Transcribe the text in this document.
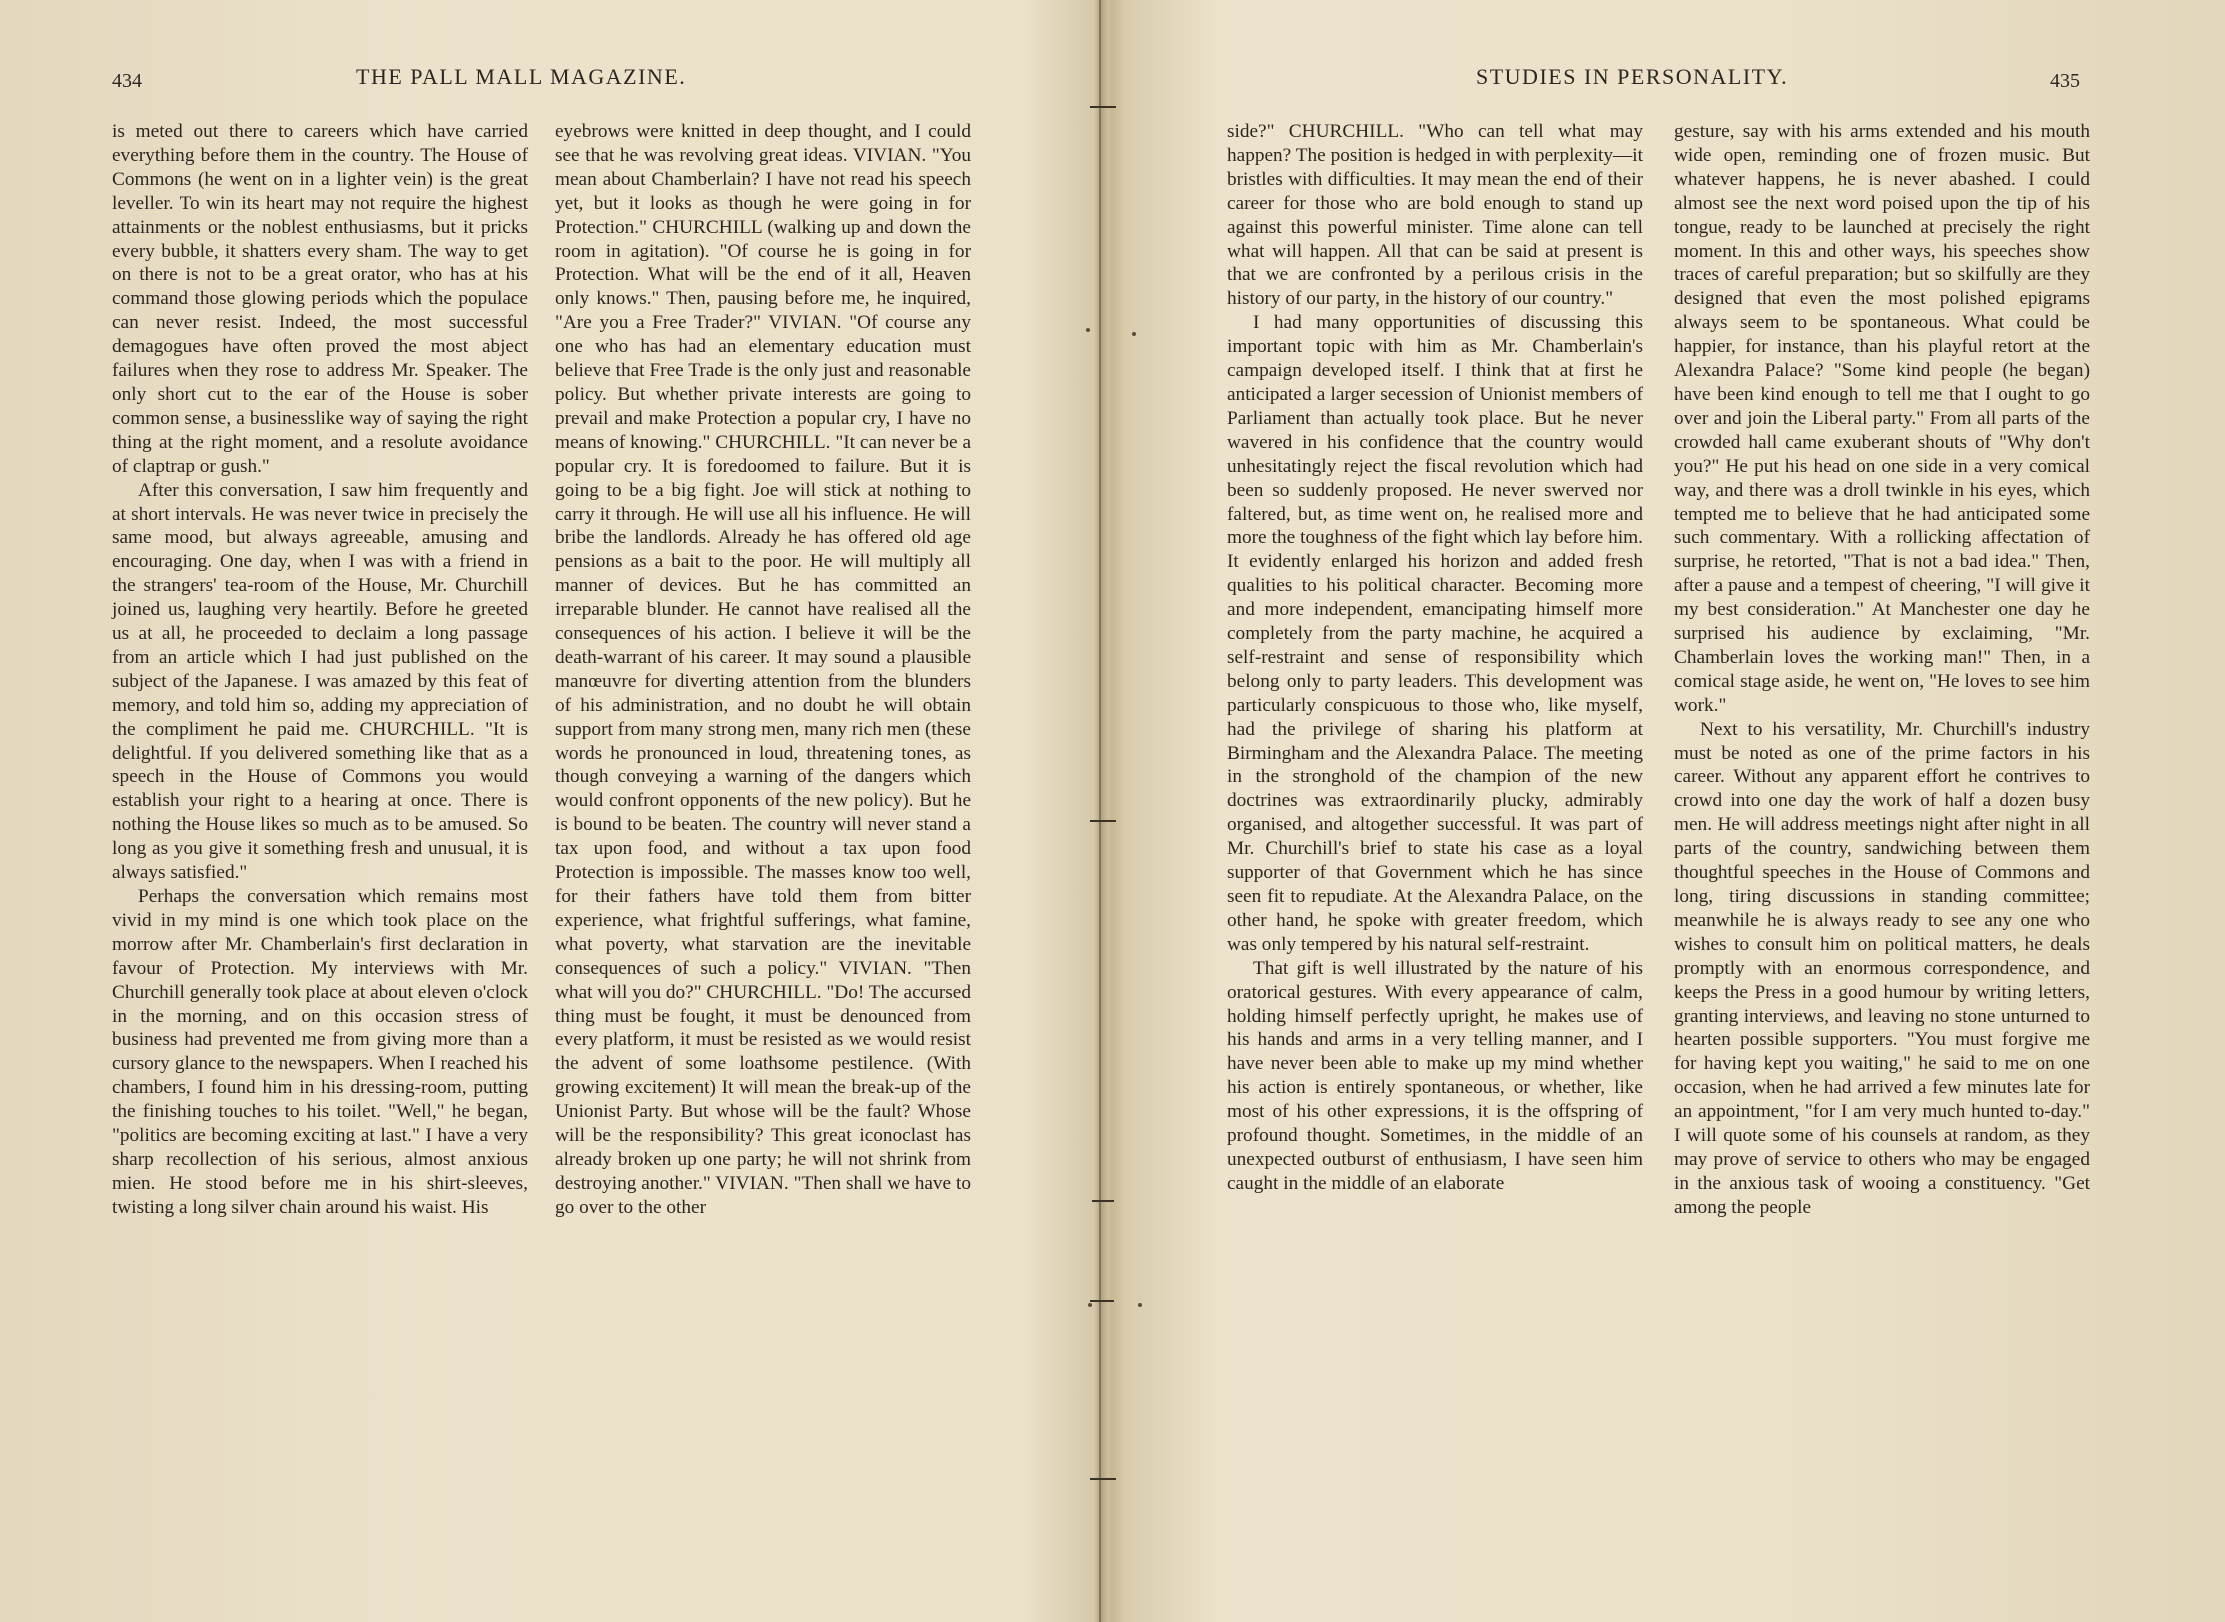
434	THE PALL MALL MAGAZINE.

is meted out there to careers which have carried everything before them in the country. The House of Commons (he went on in a lighter vein) is the great leveller. To win its heart may not require the highest attainments or the noblest enthusiasms, but it pricks every bubble, it shatters every sham. The way to get on there is not to be a great orator, who has at his command those glowing periods which the populace can never resist. Indeed, the most successful demagogues have often proved the most abject failures when they rose to address Mr. Speaker. The only short cut to the ear of the House is sober common sense, a businesslike way of saying the right thing at the right moment, and a resolute avoidance of claptrap or gush."

After this conversation, I saw him frequently and at short intervals. He was never twice in precisely the same mood, but always agreeable, amusing and encouraging. One day, when I was with a friend in the strangers' tea-room of the House, Mr. Churchill joined us, laughing very heartily. Before he greeted us at all, he proceeded to declaim a long passage from an article which I had just published on the subject of the Japanese. I was amazed by this feat of memory, and told him so, adding my appreciation of the compliment he paid me. CHURCHILL. "It is delightful. If you delivered something like that as a speech in the House of Commons you would establish your right to a hearing at once. There is nothing the House likes so much as to be amused. So long as you give it something fresh and unusual, it is always satisfied."

Perhaps the conversation which remains most vivid in my mind is one which took place on the morrow after Mr. Chamberlain's first declaration in favour of Protection. My interviews with Mr. Churchill generally took place at about eleven o'clock in the morning, and on this occasion stress of business had prevented me from giving more than a cursory glance to the newspapers. When I reached his chambers, I found him in his dressing-room, putting the finishing touches to his toilet. "Well," he began, "politics are becoming exciting at last." I have a very sharp recollection of his serious, almost anxious mien. He stood before me in his shirt-sleeves, twisting a long silver chain around his waist. His

eyebrows were knitted in deep thought, and I could see that he was revolving great ideas. VIVIAN. "You mean about Chamberlain? I have not read his speech yet, but it looks as though he were going in for Protection." CHURCHILL (walking up and down the room in agitation). "Of course he is going in for Protection. What will be the end of it all, Heaven only knows." Then, pausing before me, he inquired, "Are you a Free Trader?" VIVIAN. "Of course any one who has had an elementary education must believe that Free Trade is the only just and reasonable policy. But whether private interests are going to prevail and make Protection a popular cry, I have no means of knowing." CHURCHILL. "It can never be a popular cry. It is foredoomed to failure. But it is going to be a big fight. Joe will stick at nothing to carry it through. He will use all his influence. He will bribe the landlords. Already he has offered old age pensions as a bait to the poor. He will multiply all manner of devices. But he has committed an irreparable blunder. He cannot have realised all the consequences of his action. I believe it will be the death-warrant of his career. It may sound a plausible manœuvre for diverting attention from the blunders of his administration, and no doubt he will obtain support from many strong men, many rich men (these words he pronounced in loud, threatening tones, as though conveying a warning of the dangers which would confront opponents of the new policy). But he is bound to be beaten. The country will never stand a tax upon food, and without a tax upon food Protection is impossible. The masses know too well, for their fathers have told them from bitter experience, what frightful sufferings, what famine, what poverty, what starvation are the inevitable consequences of such a policy." VIVIAN. "Then what will you do?" CHURCHILL. "Do! The accursed thing must be fought, it must be denounced from every platform, it must be resisted as we would resist the advent of some loathsome pestilence. (With growing excitement) It will mean the break-up of the Unionist Party. But whose will be the fault? Whose will be the responsibility? This great iconoclast has already broken up one party; he will not shrink from destroying another." VIVIAN. "Then shall we have to go over to the other

STUDIES IN PERSONALITY.	435

side?" CHURCHILL. "Who can tell what may happen? The position is hedged in with perplexity—it bristles with difficulties. It may mean the end of their career for those who are bold enough to stand up against this powerful minister. Time alone can tell what will happen. All that can be said at present is that we are confronted by a perilous crisis in the history of our party, in the history of our country."

I had many opportunities of discussing this important topic with him as Mr. Chamberlain's campaign developed itself. I think that at first he anticipated a larger secession of Unionist members of Parliament than actually took place. But he never wavered in his confidence that the country would unhesitatingly reject the fiscal revolution which had been so suddenly proposed. He never swerved nor faltered, but, as time went on, he realised more and more the toughness of the fight which lay before him. It evidently enlarged his horizon and added fresh qualities to his political character. Becoming more and more independent, emancipating himself more completely from the party machine, he acquired a self-restraint and sense of responsibility which belong only to party leaders. This development was particularly conspicuous to those who, like myself, had the privilege of sharing his platform at Birmingham and the Alexandra Palace. The meeting in the stronghold of the champion of the new doctrines was extraordinarily plucky, admirably organised, and altogether successful. It was part of Mr. Churchill's brief to state his case as a loyal supporter of that Government which he has since seen fit to repudiate. At the Alexandra Palace, on the other hand, he spoke with greater freedom, which was only tempered by his natural self-restraint.

That gift is well illustrated by the nature of his oratorical gestures. With every appearance of calm, holding himself perfectly upright, he makes use of his hands and arms in a very telling manner, and I have never been able to make up my mind whether his action is entirely spontaneous, or whether, like most of his other expressions, it is the offspring of profound thought. Sometimes, in the middle of an unexpected outburst of enthusiasm, I have seen him caught in the middle of an elaborate

gesture, say with his arms extended and his mouth wide open, reminding one of frozen music. But whatever happens, he is never abashed. I could almost see the next word poised upon the tip of his tongue, ready to be launched at precisely the right moment. In this and other ways, his speeches show traces of careful preparation; but so skilfully are they designed that even the most polished epigrams always seem to be spontaneous. What could be happier, for instance, than his playful retort at the Alexandra Palace? "Some kind people (he began) have been kind enough to tell me that I ought to go over and join the Liberal party." From all parts of the crowded hall came exuberant shouts of "Why don't you?" He put his head on one side in a very comical way, and there was a droll twinkle in his eyes, which tempted me to believe that he had anticipated some such commentary. With a rollicking affectation of surprise, he retorted, "That is not a bad idea." Then, after a pause and a tempest of cheering, "I will give it my best consideration." At Manchester one day he surprised his audience by exclaiming, "Mr. Chamberlain loves the working man!" Then, in a comical stage aside, he went on, "He loves to see him work."

Next to his versatility, Mr. Churchill's industry must be noted as one of the prime factors in his career. Without any apparent effort he contrives to crowd into one day the work of half a dozen busy men. He will address meetings night after night in all parts of the country, sandwiching between them thoughtful speeches in the House of Commons and long, tiring discussions in standing committee; meanwhile he is always ready to see any one who wishes to consult him on political matters, he deals promptly with an enormous correspondence, and keeps the Press in a good humour by writing letters, granting interviews, and leaving no stone unturned to hearten possible supporters. "You must forgive me for having kept you waiting," he said to me on one occasion, when he had arrived a few minutes late for an appointment, "for I am very much hunted to-day." I will quote some of his counsels at random, as they may prove of service to others who may be engaged in the anxious task of wooing a constituency. "Get among the people
